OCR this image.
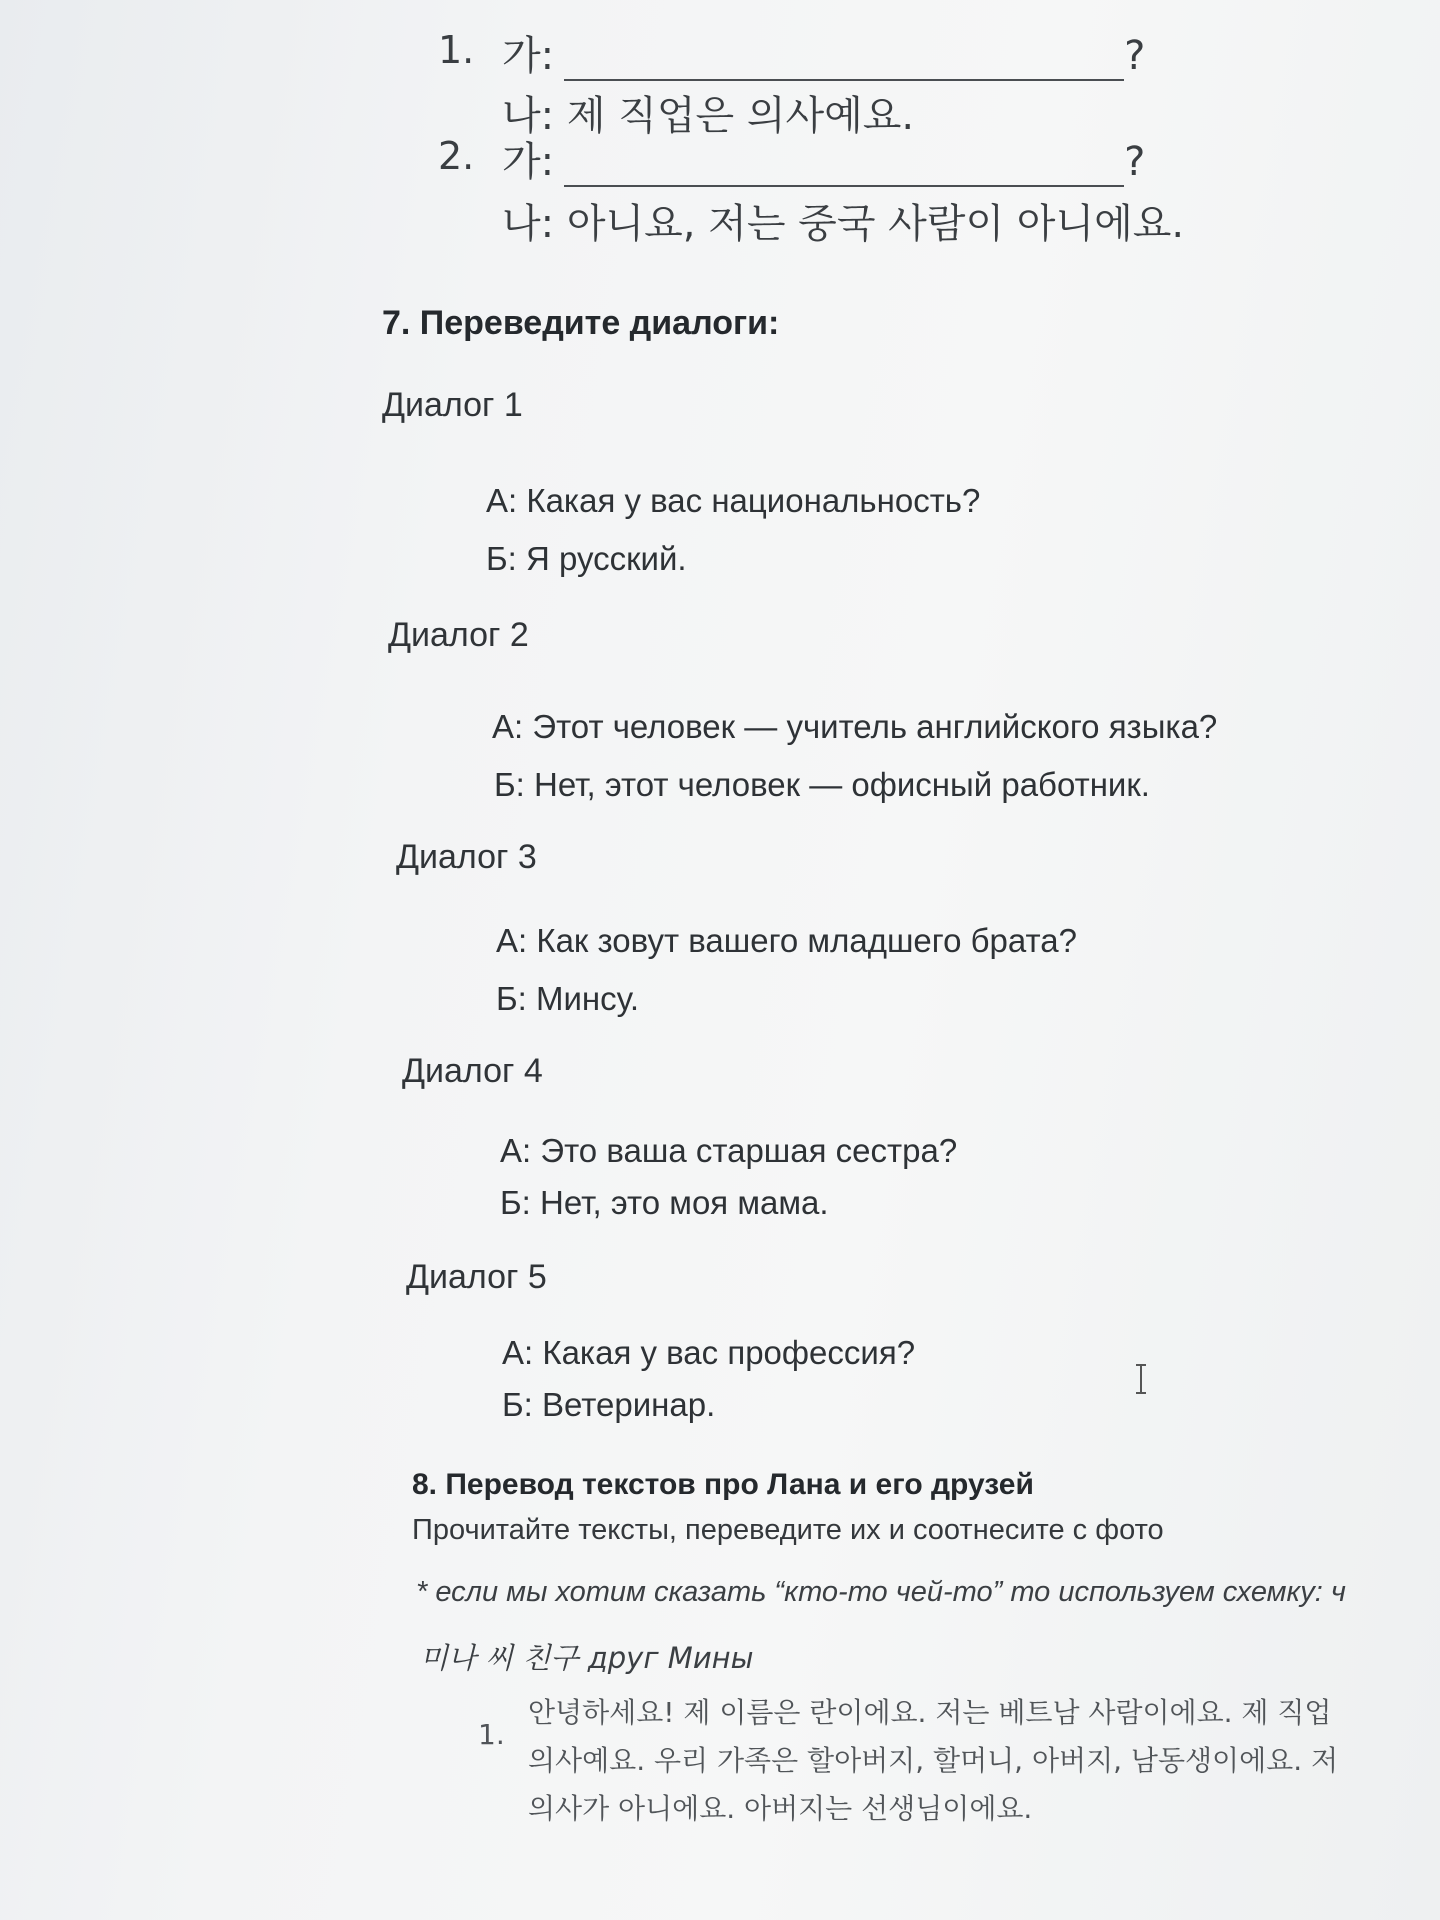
1. 가:	?
나: 제 직업은 의사예요.
2. 가:	?
나: 아니요, 저는 중국 사람이 아니에요.
7. Переведите диалоги:
Диалог 1
А: Какая у вас национальность?
Б: Я русский.
Диалог 2
А: Этот человек — учитель английского языка?
Б: Нет, этот человек — офисный работник.
Диалог 3
А: Как зовут вашего младшего брата?
Б: Минсу.
Диалог 4
А: Это ваша старшая сестра?
Б: Нет, это моя мама.
Диалог 5
А: Какая у вас профессия?
Б: Ветеринар.
8. Перевод текстов про Лана и его друзей
Прочитайте тексты, переведите их и соотнесите с фото
* если мы хотим сказать “кто-то чей-то” то используем схемку: ч
미나 씨 친구 друг Мины
1.
안녕하세요! 제 이름은 란이에요. 저는 베트남 사람이에요. 제 직업
의사예요. 우리 가족은 할아버지, 할머니, 아버지, 남동생이에요. 저
의사가 아니에요. 아버지는 선생님이에요.
